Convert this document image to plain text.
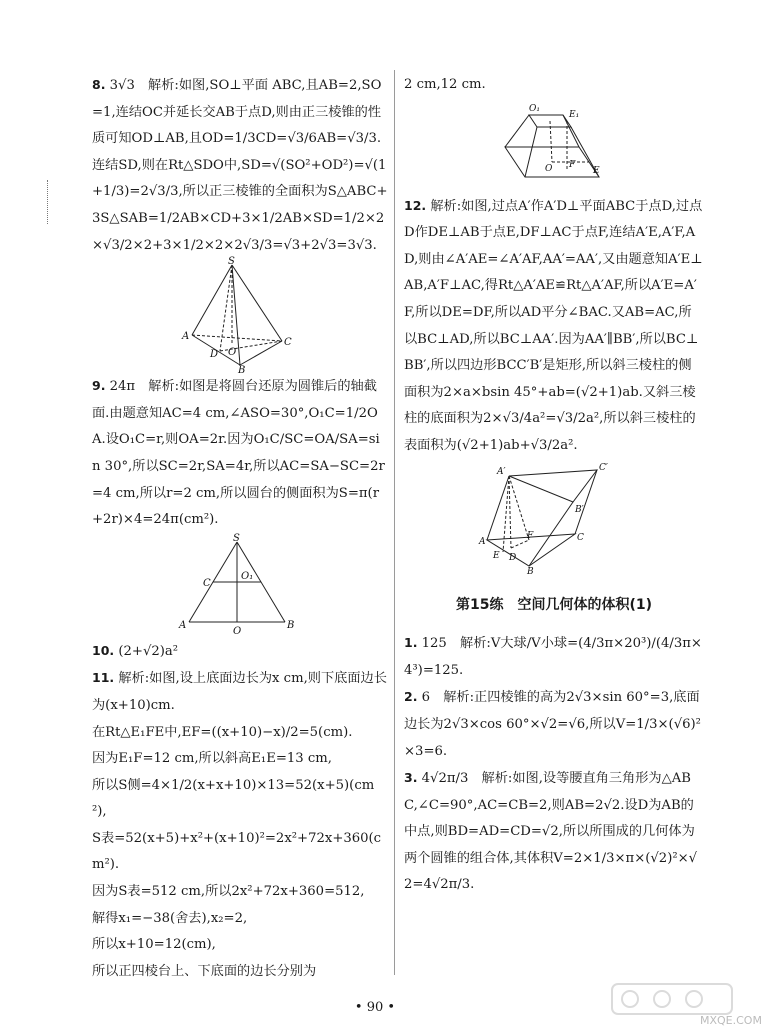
8. 3√3　解析:如图,SO⊥平面 ABC,且AB=2,SO=1,连结OC并延长交AB于点D,则由正三棱锥的性质可知OD⊥AB,且OD=1/3CD=√3/6AB=√3/3.连结SD,则在Rt△SDO中,SD=√(SO²+OD²)=√(1+1/3)=2√3/3,所以正三棱锥的全面积为S△ABC+3S△SAB=1/2AB×CD+3×1/2AB×SD=1/2×2×√3/2×2+3×1/2×2×2√3/3=√3+2√3=3√3.

S
A
B
C
D O

9. 24π　解析:如图是将圆台还原为圆锥后的轴截面.由题意知AC=4 cm,∠ASO=30°,O₁C=1/2OA.设O₁C=r,则OA=2r.因为O₁C/SC=OA/SA=sin 30°,所以SC=2r,SA=4r,所以AC=SA−SC=2r=4 cm,所以r=2 cm,所以圆台的侧面积为S=π(r+2r)×4=24π(cm²).

S
C
O₁
A
O
B

10. (2+√2)a²

11. 解析:如图,设上底面边长为x cm,则下底面边长为(x+10)cm.

在Rt△E₁FE中,EF=((x+10)−x)/2=5(cm).

因为E₁F=12 cm,所以斜高E₁E=13 cm,

所以S侧=4×1/2(x+x+10)×13=52(x+5)(cm²),

S表=52(x+5)+x²+(x+10)²=2x²+72x+360(cm²).

因为S表=512 cm,所以2x²+72x+360=512,

解得x₁=−38(舍去),x₂=2,

所以x+10=12(cm),

所以正四棱台上、下底面的边长分别为

2 cm,12 cm.

O₁
F
E₁
O	E

12. 解析:如图,过点A′作A′D⊥平面ABC于点D,过点D作DE⊥AB于点E,DF⊥AC于点F,连结A′E,A′F,AD,则由∠A′AE=∠A′AF,AA′=AA′,又由题意知A′E⊥AB,A′F⊥AC,得Rt△A′AE≌Rt△A′AF,所以A′E=A′F,所以DE=DF,所以AD平分∠BAC.又AB=AC,所以BC⊥AD,所以BC⊥AA′.因为AA′∥BB′,所以BC⊥BB′,所以四边形BCC′B′是矩形,所以斜三棱柱的侧面积为2×a×bsin 45°+ab=(√2+1)ab.又斜三棱柱的底面积为2×√3/4a²=√3/2a²,所以斜三棱柱的表面积为(√2+1)ab+√3/2a².

A′	C′
B′
A
E D
F	C
B
第15练　空间几何体的体积(1)

1. 125　解析:V大球/V小球=(4/3π×20³)/(4/3π×4³)=125.

2. 6　解析:正四棱锥的高为2√3×sin 60°=3,底面边长为2√3×cos 60°×√2=√6,所以V=1/3×(√6)²×3=6.

3. 4√2π/3　解析:如图,设等腰直角三角形为△ABC,∠C=90°,AC=CB=2,则AB=2√2.设D为AB的中点,则BD=AD=CD=√2,所以所围成的几何体为两个圆锥的组合体,其体积V=2×1/3×π×(√2)²×√2=4√2π/3.

• 90 •
MXQE.COM
